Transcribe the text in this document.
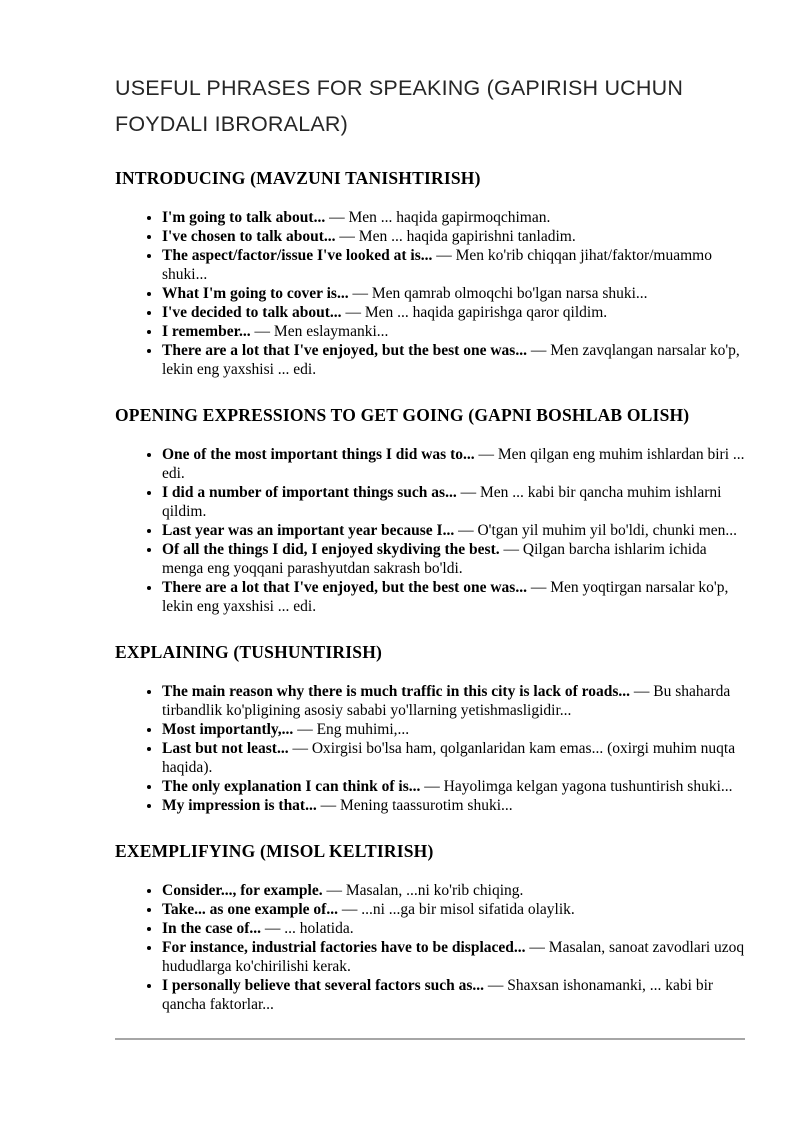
USEFUL PHRASES FOR SPEAKING (GAPIRISH UCHUN FOYDALI IBRORALAR)
INTRODUCING (MAVZUNI TANISHTIRISH)
• I'm going to talk about... — Men ... haqida gapirmoqchiman.
• I've chosen to talk about... — Men ... haqida gapirishni tanladim.
• The aspect/factor/issue I've looked at is... — Men ko'rib chiqqan jihat/faktor/muammo shuki...
• What I'm going to cover is... — Men qamrab olmoqchi bo'lgan narsa shuki...
• I've decided to talk about... — Men ... haqida gapirishga qaror qildim.
• I remember... — Men eslaymanki...
• There are a lot that I've enjoyed, but the best one was... — Men zavqlangan narsalar ko'p, lekin eng yaxshisi ... edi.
OPENING EXPRESSIONS TO GET GOING (GAPNI BOSHLAB OLISH)
• One of the most important things I did was to... — Men qilgan eng muhim ishlardan biri ... edi.
• I did a number of important things such as... — Men ... kabi bir qancha muhim ishlarni qildim.
• Last year was an important year because I... — O'tgan yil muhim yil bo'ldi, chunki men...
• Of all the things I did, I enjoyed skydiving the best. — Qilgan barcha ishlarim ichida menga eng yoqqani parashyutdan sakrash bo'ldi.
• There are a lot that I've enjoyed, but the best one was... — Men yoqtirgan narsalar ko'p, lekin eng yaxshisi ... edi.
EXPLAINING (TUSHUNTIRISH)
• The main reason why there is much traffic in this city is lack of roads... — Bu shaharda tirbandlik ko'pligining asosiy sababi yo'llarning yetishmasligidir...
• Most importantly,... — Eng muhimi,...
• Last but not least... — Oxirgisi bo'lsa ham, qolganlaridan kam emas... (oxirgi muhim nuqta haqida).
• The only explanation I can think of is... — Hayolimga kelgan yagona tushuntirish shuki...
• My impression is that... — Mening taassurotim shuki...
EXEMPLIFYING (MISOL KELTIRISH)
• Consider..., for example. — Masalan, ...ni ko'rib chiqing.
• Take... as one example of... — ...ni ...ga bir misol sifatida olaylik.
• In the case of... — ... holatida.
• For instance, industrial factories have to be displaced... — Masalan, sanoat zavodlari uzoq hududlarga ko'chirilishi kerak.
• I personally believe that several factors such as... — Shaxsan ishonamanki, ... kabi bir qancha faktorlar...
